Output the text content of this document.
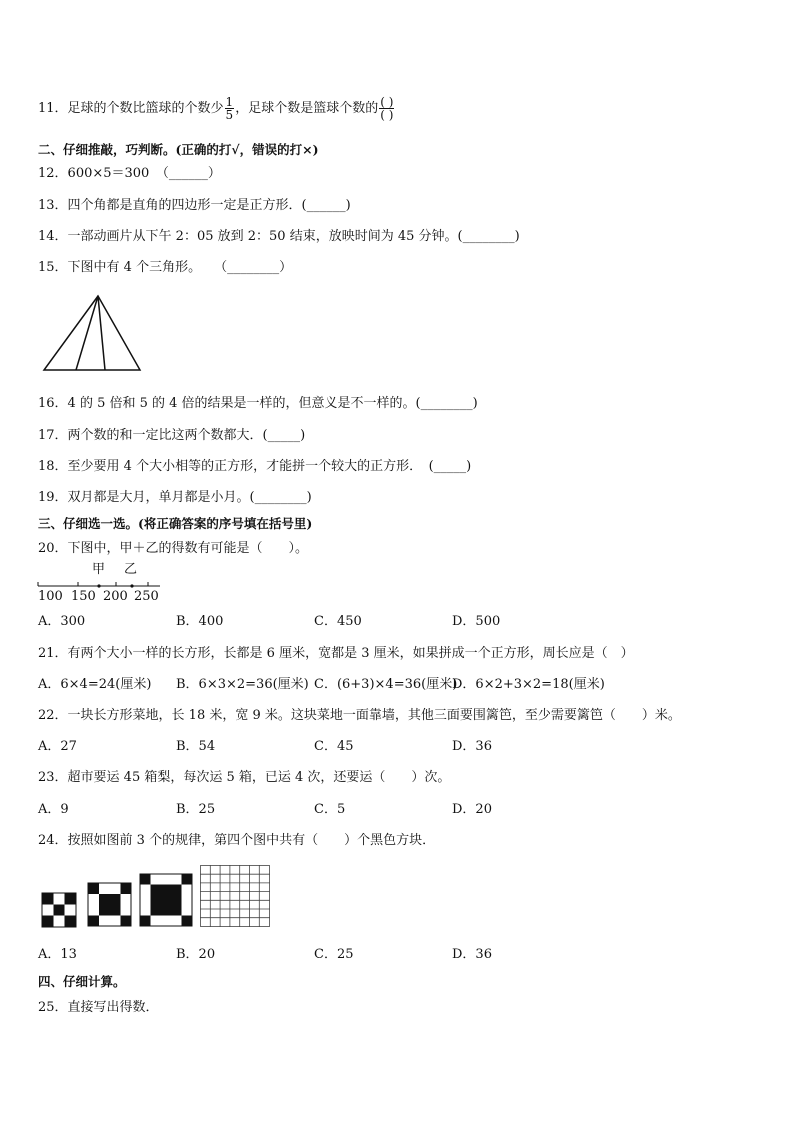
11．足球的个数比篮球的个数少 $\frac{1}{5}$ ，足球个数是篮球个数的 $\frac{( )}{( )}$
二、仔细推敲，巧判断。(正确的打√，错误的打×)
12．600×5＝300　（______）
13．四个角都是直角的四边形一定是正方形．(______)
14．一部动画片从下午 2：05 放到 2：50 结束，放映时间为 45 分钟。(________)
15．下图中有 4 个三角形。　　（________）
16．4 的 5 倍和 5 的 4 倍的结果是一样的，但意义是不一样的。(________)
17．两个数的和一定比这两个数都大．(_____)
18．至少要用 4 个大小相等的正方形，才能拼一个较大的正方形．　(_____)
19．双月都是大月，单月都是小月。(________)
三、仔细选一选。(将正确答案的序号填在括号里)
20．下图中，甲＋乙的得数有可能是（　　）。
甲 乙
100 150 200 250
A．300	B．400	C．450	D．500
21．有两个大小一样的长方形，长都是 6 厘米，宽都是 3 厘米，如果拼成一个正方形，周长应是（　）
A．6×4=24(厘米) B．6×3×2=36(厘米) C．(6+3)×4=36(厘米)
D．6×2+3×2=18(厘米)
22．一块长方形菜地，长 18 米，宽 9 米。这块菜地一面靠墙，其他三面要围篱笆，至少需要篱笆（　　）米。
A．27	B．54	C．45	D．36
23．超市要运 45 箱梨，每次运 5 箱，已运 4 次，还要运（　　）次。
A．9	B．25	C．5	D．20
24．按照如图前 3 个的规律，第四个图中共有（　　）个黑色方块．
A．13	B．20	C．25	D．36
四、仔细计算。
25．直接写出得数．
